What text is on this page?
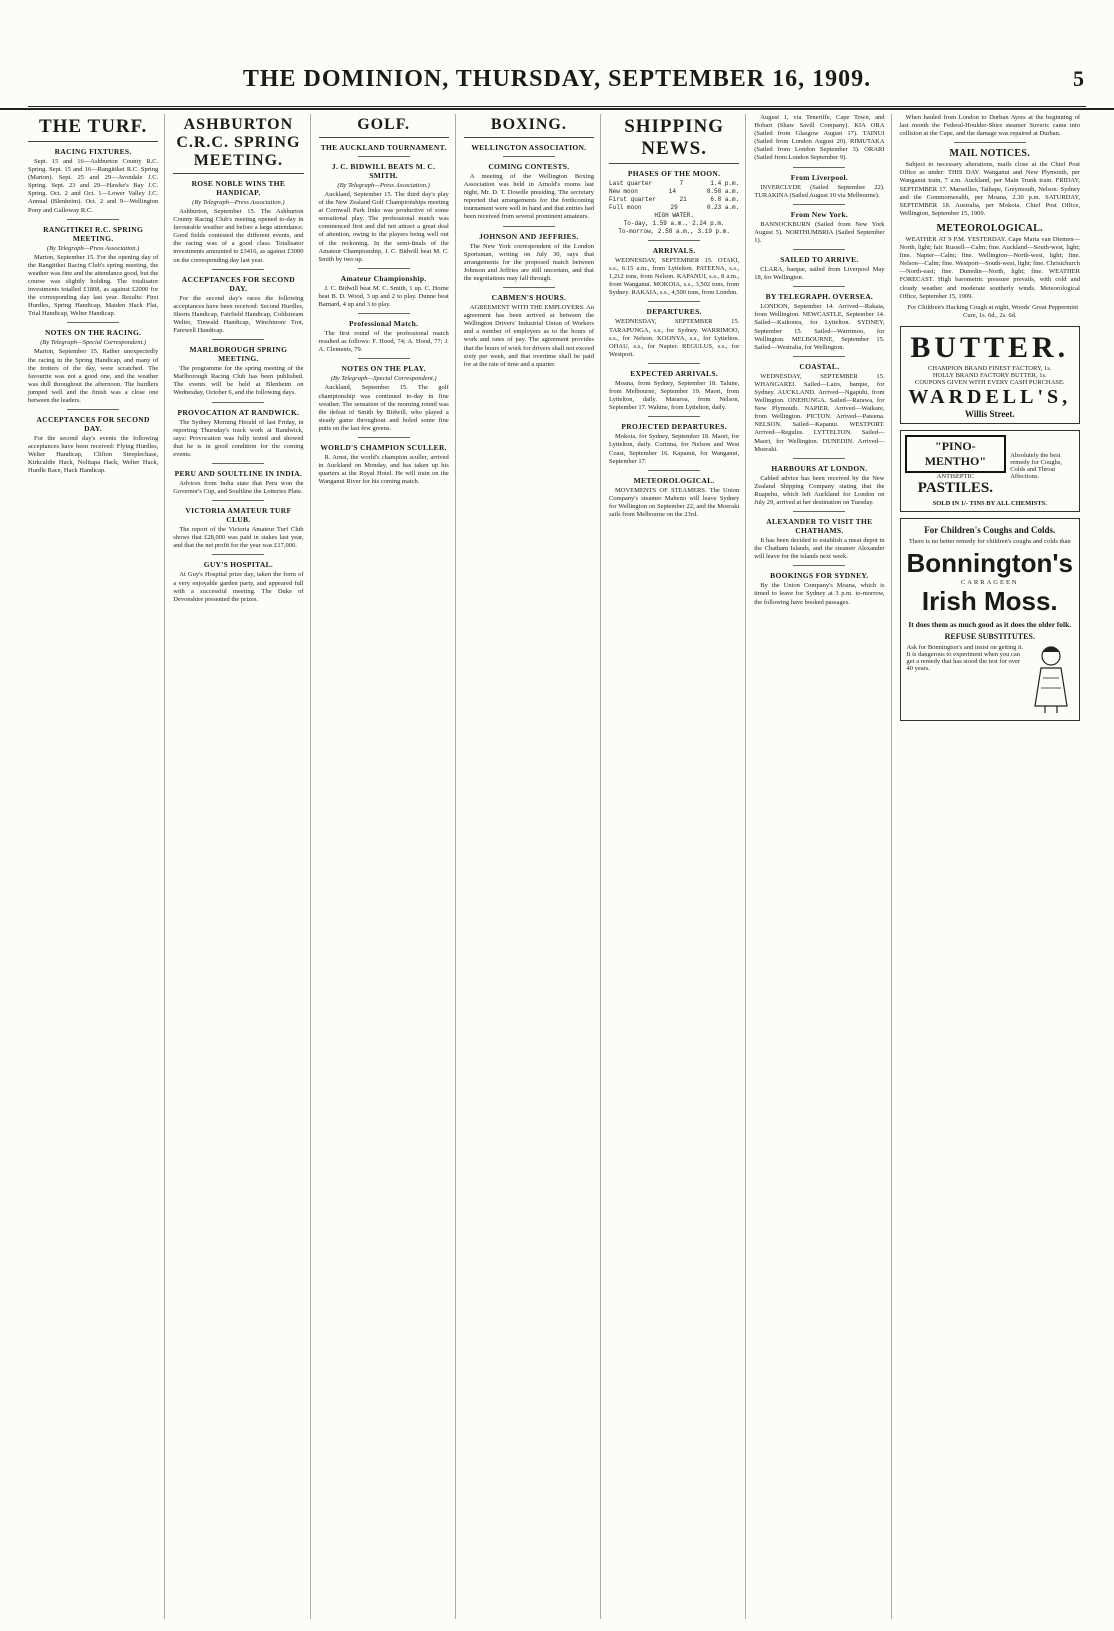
THE DOMINION, THURSDAY, SEPTEMBER 16, 1909.	5
THE TURF.
RACING FIXTURES.

Sept. 15 and 16—Ashburton County R.C. Spring. Sept. 15 and 16—Rangitikei R.C. Spring (Marton). Sept. 25 and 29—Avondale J.C. Spring. Sept. 23 and 29—Hawke's Bay J.C. Spring. Oct. 2 and Oct. 1—Lower Valley J.C. Annual (Blenheim). Oct. 2 and 9—Wellington Pony and Galloway R.C.

RANGITIKEI R.C. SPRING MEETING.
(By Telegraph—Press Association.)

Marton, September 15. For the opening day of the Rangitikei Racing Club's spring meeting, the weather was fine and the attendance good, but the course was slightly holding. The totalisator investments totalled £1808, as against £2000 for the corresponding day last year. Results: First Hurdles, Spring Handicap, Maiden Hack Flat, Trial Handicap, Welter Handicap.

NOTES ON THE RACING.
(By Telegraph—Special Correspondent.)

Marton, September 15. Rather unexpectedly the racing in the Spring Handicap, and many of the trotters of the day, were scratched. The favourite was not a good one, and the weather was dull throughout the afternoon. The hurdlers jumped well and the finish was a close one between the leaders.

ACCEPTANCES FOR SECOND DAY.

For the second day's events the following acceptances have been received: Flying Hurdles, Welter Handicap, Clifton Steeplechase, Kirkcaldie Hack, Nolitapa Hack, Welter Hack, Hurdle Race, Hack Handicap.

ASHBURTON C.R.C. SPRING MEETING.
ROSE NOBLE WINS THE HANDICAP.
(By Telegraph—Press Association.)

Ashburton, September 15. The Ashburton County Racing Club's meeting opened to-day in favourable weather and before a large attendance. Good fields contested the different events, and the racing was of a good class. Totalisator investments amounted to £3416, as against £3000 on the corresponding day last year.

ACCEPTANCES FOR SECOND DAY.

For the second day's races the following acceptances have been received: Second Hurdles, Shorts Handicap, Fairfield Handicap, Coldstream Welter, Tinwald Handicap, Winchmore Trot, Farewell Handicap.

MARLBOROUGH SPRING MEETING.

The programme for the spring meeting of the Marlborough Racing Club has been published. The events will be held at Blenheim on Wednesday, October 6, and the following days.

PROVOCATION AT RANDWICK.

The Sydney Morning Herald of last Friday, in reporting Thursday's track work at Randwick, says: Provocation was fully tested and showed that he is in good condition for the coming events.

PERU AND SOULTLINE IN INDIA.

Advices from India state that Peru won the Governor's Cup, and Soultline the Lotteries Plate.

VICTORIA AMATEUR TURF CLUB.

The report of the Victoria Amateur Turf Club shows that £28,000 was paid in stakes last year, and that the net profit for the year was £17,000.

GUY'S HOSPITAL.

At Guy's Hospital prize day, taken the form of a very enjoyable garden party, and appeared full with a successful meeting. The Duke of Devonshire presented the prizes.

GOLF.
THE AUCKLAND TOURNAMENT.
J. C. BIDWILL BEATS M. C. SMITH.
(By Telegraph—Press Association.)

Auckland, September 15. The third day's play of the New Zealand Golf Championships meeting at Cornwall Park links was productive of some sensational play. The professional match was commenced first and did not attract a great deal of attention, owing to the players being well out of the reckoning. In the semi-finals of the Amateur Championship, J. C. Bidwill beat M. C. Smith by two up.

Amateur Championship.

J. C. Bidwill beat M. C. Smith, 1 up. C. Horne beat B. D. Wood, 3 up and 2 to play. Dunne beat Barnard, 4 up and 3 to play.

Professional Match.

The first round of the professional match resulted as follows: F. Hood, 74; A. Hood, 77; J. A. Clements, 79.

NOTES ON THE PLAY.
(By Telegraph—Special Correspondent.)

Auckland, September 15. The golf championship was continued to-day in fine weather. The sensation of the morning round was the defeat of Smith by Bidwill, who played a steady game throughout and holed some fine putts on the last few greens.

WORLD'S CHAMPION SCULLER.

R. Arnst, the world's champion sculler, arrived in Auckland on Monday, and has taken up his quarters at the Royal Hotel. He will train on the Wanganui River for his coming match.

BOXING.
WELLINGTON ASSOCIATION.
COMING CONTESTS.

A meeting of the Wellington Boxing Association was held in Arnold's rooms last night, Mr. D. T. Dowdle presiding. The secretary reported that arrangements for the forthcoming tournament were well in hand and that entries had been received from several prominent amateurs.

JOHNSON AND JEFFRIES.

The New York correspondent of the London Sportsman, writing on July 30, says that arrangements for the proposed match between Johnson and Jeffries are still uncertain, and that the negotiations may fall through.

CABMEN'S HOURS.

AGREEMENT WITH THE EMPLOYERS. An agreement has been arrived at between the Wellington Drivers' Industrial Union of Workers and a number of employers as to the hours of work and rates of pay. The agreement provides that the hours of work for drivers shall not exceed sixty per week, and that overtime shall be paid for at the rate of time and a quarter.

SHIPPING NEWS.
PHASES OF THE MOON.
Last quarter	7	1.4 p.m.
New moon	14	8.58 a.m.
First quarter	21	6.8 a.m.
Full moon	29	0.23 a.m.
HIGH WATER.
To-day, 1.59 a.m., 2.24 p.m.
To-morrow, 2.58 a.m., 3.19 p.m.
ARRIVALS.

WEDNESDAY, SEPTEMBER 15. OTAKI, s.s., 6.15 a.m., from Lyttelton. PATEENA, s.s., 1,212 tons, from Nelson. KAPANUI, s.s., 8 a.m., from Wanganui. MOKOIA, s.s., 3,502 tons, from Sydney. RAKAIA, s.s., 4,500 tons, from London.

DEPARTURES.

WEDNESDAY, SEPTEMBER 15. TARAPUNGA, s.s., for Sydney. WARRIMOO, s.s., for Nelson. KOONYA, s.s., for Lyttelton. OHAU, s.s., for Napier. REGULUS, s.s., for Westport.

EXPECTED ARRIVALS.

Moana, from Sydney, September 18. Talune, from Melbourne, September 19. Maori, from Lyttelton, daily. Mararoa, from Nelson, September 17. Wahine, from Lyttelton, daily.

PROJECTED DEPARTURES.

Mokoia, for Sydney, September 18. Maori, for Lyttelton, daily. Corinna, for Nelson and West Coast, September 16. Kapanui, for Wanganui, September 17.

METEOROLOGICAL.

MOVEMENTS OF STEAMERS. The Union Company's steamer Maheno will leave Sydney for Wellington on September 22, and the Moeraki sails from Melbourne on the 23rd.

August 1, via Teneriffe, Cape Town, and Hobart (Shaw Savill Company). KIA ORA (Sailed from Glasgow August 17). TAINUI (Sailed from London August 20). RIMUTAKA (Sailed from London September 3). ORARI (Sailed from London September 9).

From Liverpool.

INVERCLYDE (Sailed September 22). TURAKINA (Sailed August 10 via Melbourne).

From New York.

BANNOCKBURN (Sailed from New York August 5). NORTHUMBRIA (Sailed September 1).

SAILED TO ARRIVE.

CLARA, barque, sailed from Liverpool May 18, for Wellington.

BY TELEGRAPH. OVERSEA.

LONDON, September 14. Arrived—Rakaia, from Wellington. NEWCASTLE, September 14. Sailed—Kaikoura, for Lyttelton. SYDNEY, September 15. Sailed—Warrimoo, for Wellington. MELBOURNE, September 15. Sailed—Westralia, for Wellington.

COASTAL.

WEDNESDAY, SEPTEMBER 15. WHANGAREI. Sailed—Lairs, barque, for Sydney. AUCKLAND. Arrived—Ngapuhi, from Wellington. ONEHUNGA. Sailed—Rarawa, for New Plymouth. NAPIER. Arrived—Waikare, from Wellington. PICTON. Arrived—Pateena. NELSON. Sailed—Kapanui. WESTPORT. Arrived—Regulus. LYTTELTON. Sailed—Maori, for Wellington. DUNEDIN. Arrived—Moeraki.

HARBOURS AT LONDON.

Cabled advice has been received by the New Zealand Shipping Company stating that the Ruapehu, which left Auckland for London on July 29, arrived at her destination on Tuesday.

ALEXANDER TO VISIT THE CHATHAMS.

It has been decided to establish a meat depot in the Chatham Islands, and the steamer Alexander will leave for the islands next week.

BOOKINGS FOR SYDNEY.

By the Union Company's Moana, which is timed to leave for Sydney at 3 p.m. to-morrow, the following have booked passages.

When hauled from London to Durban Ayres at the beginning of last month the Federal-Houlder-Shire steamer Suveric came into collision at the Cape, and the damage was repaired at Durban.

MAIL NOTICES.

Subject to necessary alterations, mails close at the Chief Post Office as under: THIS DAY. Wanganui and New Plymouth, per Wanganui train, 7 a.m. Auckland, per Main Trunk train. FRIDAY, SEPTEMBER 17. Marseilles, Taihape, Greymouth, Nelson. Sydney and the Commonwealth, per Moana, 2.30 p.m. SATURDAY, SEPTEMBER 18. Australia, per Mokoia. Chief Post Office, Wellington, September 15, 1909.

METEOROLOGICAL.

WEATHER AT 9 P.M. YESTERDAY. Cape Maria van Diemen—North, light; fair. Russell—Calm; fine. Auckland—South-west, light; fine. Napier—Calm; fine. Wellington—North-west, light; fine. Nelson—Calm; fine. Westport—South-west, light; fine. Christchurch—North-east; fine. Dunedin—North, light; fine. WEATHER FORECAST. High barometric pressure prevails, with cold and cloudy weather and moderate southerly winds. Meteorological Office, September 15, 1909.

For Children's Hacking Cough at night, Woods' Great Peppermint Cure, 1s. 6d., 2s. 6d.

BUTTER.
CHAMPION BRAND FINEST FACTORY, 1s.
HOLLY BRAND FACTORY BUTTER, 1s.
COUPONS GIVEN WITH EVERY CASH PURCHASE.
WARDELL'S,
Willis Street.
"PINO-MENTHO"
ANTISEPTIC
PASTILES.
Absolutely the best remedy for Coughs, Colds and Throat Affections.
SOLD IN 1/- TINS BY ALL CHEMISTS.
For Children's Coughs and Colds.
There is no better remedy for children's coughs and colds than
Bonnington's
CARRAGEEN
Irish Moss.
It does them as much good as it does the older folk.
REFUSE SUBSTITUTES.
Ask for Bonnington's and insist on getting it. It is dangerous to experiment when you can get a remedy that has stood the test for over 40 years.
